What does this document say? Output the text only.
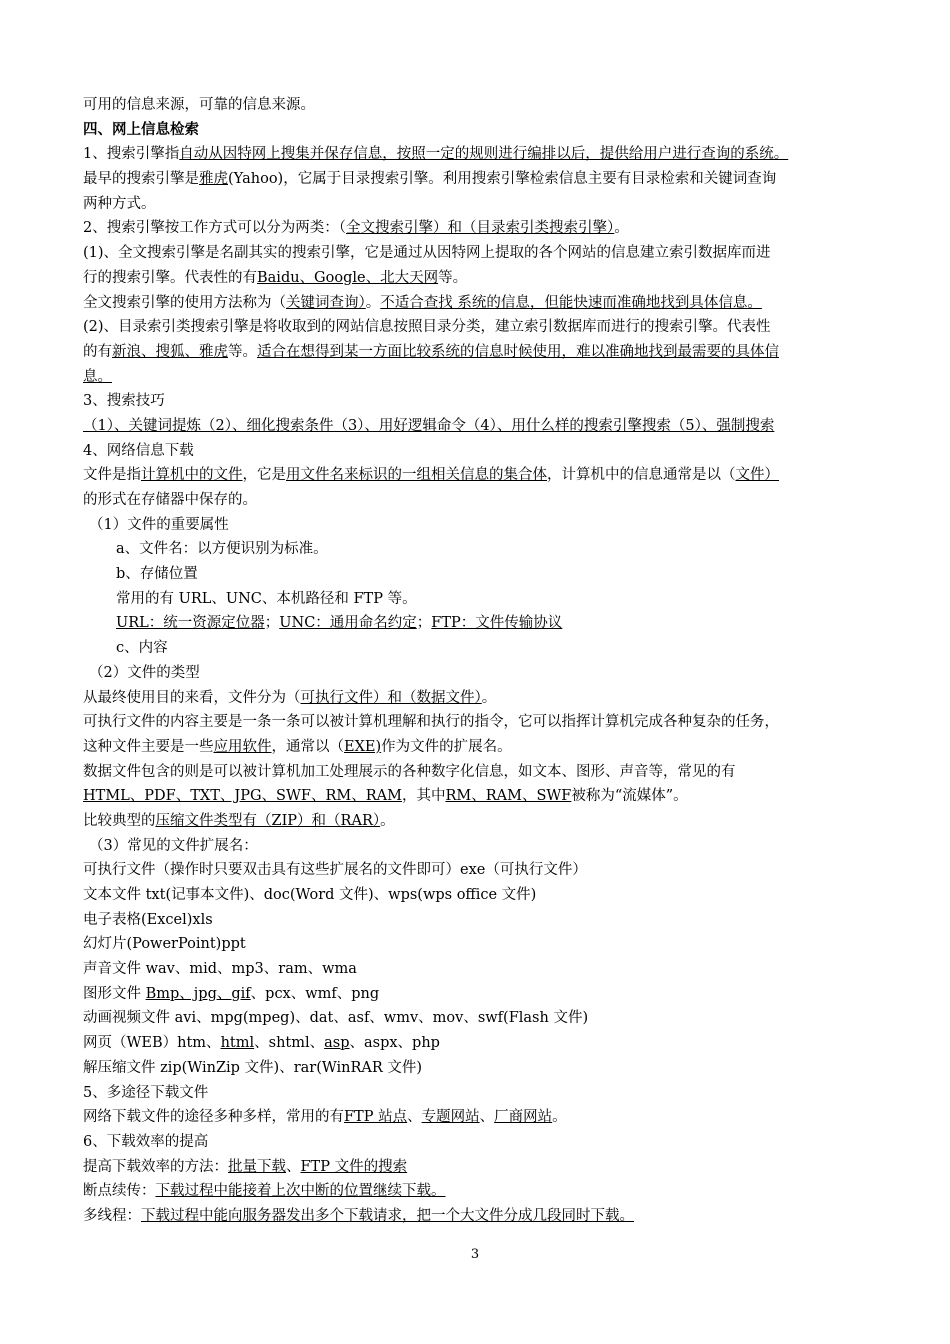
可用的信息来源，可靠的信息来源。
四、网上信息检索
1、搜索引擎指自动从因特网上搜集并保存信息，按照一定的规则进行编排以后，提供给用户进行查询的系统。
最早的搜索引擎是雅虎(Yahoo)，它属于目录搜索引擎。利用搜索引擎检索信息主要有目录检索和关键词查询
两种方式。
2、搜索引擎按工作方式可以分为两类：（全文搜索引擎）和（目录索引类搜索引擎）。
(1)、全文搜索引擎是名副其实的搜索引擎，它是通过从因特网上提取的各个网站的信息建立索引数据库而进
行的搜索引擎。代表性的有Baidu、Google、北大天网等。
全文搜索引擎的使用方法称为（关键词查询）。不适合查找 系统的信息，但能快速而准确地找到具体信息。
(2)、目录索引类搜索引擎是将收取到的网站信息按照目录分类，建立索引数据库而进行的搜索引擎。代表性
的有新浪、搜狐、雅虎等。适合在想得到某一方面比较系统的信息时候使用，难以准确地找到最需要的具体信
息。
3、搜索技巧
（1）、关键词提炼（2）、细化搜索条件（3）、用好逻辑命令（4）、用什么样的搜索引擎搜索（5）、强制搜索
4、网络信息下载
文件是指计算机中的文件，它是用文件名来标识的一组相关信息的集合体，计算机中的信息通常是以（文件）
的形式在存储器中保存的。
（1）文件的重要属性
a、文件名：以方便识别为标准。
b、存储位置
常用的有 URL、UNC、本机路径和 FTP 等。
URL：统一资源定位器；UNC：通用命名约定；FTP：文件传输协议
c、内容
（2）文件的类型
从最终使用目的来看，文件分为（可执行文件）和（数据文件）。
可执行文件的内容主要是一条一条可以被计算机理解和执行的指令，它可以指挥计算机完成各种复杂的任务，
这种文件主要是一些应用软件，通常以（EXE)作为文件的扩展名。
数据文件包含的则是可以被计算机加工处理展示的各种数字化信息，如文本、图形、声音等，常见的有
HTML、PDF、TXT、JPG、SWF、RM、RAM，其中RM、RAM、SWF被称为“流媒体”。
比较典型的压缩文件类型有（ZIP）和（RAR）。
（3）常见的文件扩展名：
可执行文件（操作时只要双击具有这些扩展名的文件即可）exe（可执行文件）
文本文件 txt(记事本文件)、doc(Word 文件)、wps(wps office 文件)
电子表格(Excel)xls
幻灯片(PowerPoint)ppt
声音文件 wav、mid、mp3、ram、wma
图形文件 Bmp、jpg、gif、pcx、wmf、png
动画视频文件 avi、mpg(mpeg)、dat、asf、wmv、mov、swf(Flash 文件)
网页（WEB）htm、html、shtml、asp、aspx、php
解压缩文件 zip(WinZip 文件)、rar(WinRAR 文件)
5、多途径下载文件
网络下载文件的途径多种多样，常用的有FTP 站点、专题网站、厂商网站。
6、下载效率的提高
提高下载效率的方法：批量下载、FTP 文件的搜索
断点续传：下载过程中能接着上次中断的位置继续下载。
多线程：下载过程中能向服务器发出多个下载请求，把一个大文件分成几段同时下载。
3
